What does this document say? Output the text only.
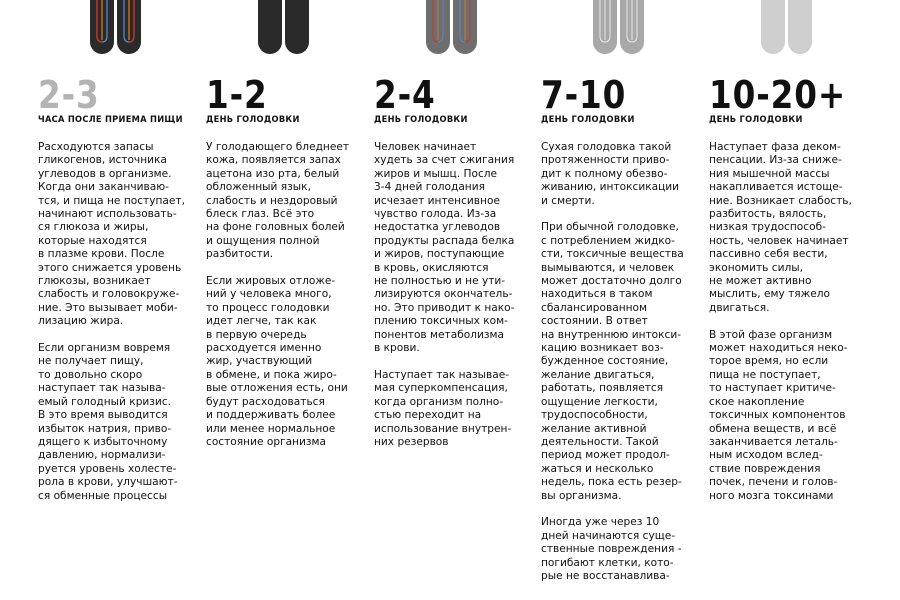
2-3
ЧАСА ПОСЛЕ ПРИЕМА ПИЩИ

Расходуются запасы
гликогенов, источника
углеводов в организме.
Когда они заканчиваю-
тся, и пища не поступает,
начинают использовать-
ся глюкоза и жиры,
которые находятся
в плазме крови. После
этого снижается уровень
глюкозы, возникает
слабость и головокруже-
ние. Это вызывает моби-
лизацию жира.

Если организм вовремя
не получает пищу,
то довольно скоро
наступает так называ-
емый голодный кризис.
В это время выводится
избыток натрия, приво-
дящего к избыточному
давлению, нормализи-
руется уровень холесте-
рола в крови, улучшают-
ся обменные процессы

1-2
ДЕНЬ ГОЛОДОВКИ

У голодающего бледнеет
кожа, появляется запах
ацетона изо рта, белый
обложенный язык,
слабость и нездоровый
блеск глаз. Всё это
на фоне головных болей
и ощущения полной
разбитости.

Если жировых отложе-
ний у человека много,
то процесс голодовки
идет легче, так как
в первую очередь
расходуется именно
жир, участвующий
в обмене, и пока жиро-
вые отложения есть, они
будут расходоваться
и поддерживать более
или менее нормальное
состояние организма

2-4
ДЕНЬ ГОЛОДОВКИ

Человек начинает
худеть за счет сжигания
жиров и мышц. После
3-4 дней голодания
исчезает интенсивное
чувство голода. Из-за
недостатка углеводов
продукты распада белка
и жиров, поступающие
в кровь, окисляются
не полностью и не ути-
лизируются окончатель-
но. Это приводит к нако-
плению токсичных ком-
понентов метаболизма
в крови.

Наступает так называе-
мая суперкомпенсация,
когда организм полно-
стью переходит на
использование внутрен-
них резервов

7-10
ДЕНЬ ГОЛОДОВКИ

Сухая голодовка такой
протяженности приво-
дит к полному обезво-
живанию, интоксикации
и смерти.

При обычной голодовке,
с потреблением жидко-
сти, токсичные вещества
вымываются, и человек
может достаточно долго
находиться в таком
сбалансированном
состоянии. В ответ
на внутреннюю интокси-
кацию возникает воз-
бужденное состояние,
желание двигаться,
работать, появляется
ощущение легкости,
трудоспособности,
желание активной
деятельности. Такой
период может продол-
жаться и несколько
недель, пока есть резер-
вы организма.

Иногда уже через 10
дней начинаются суще-
ственные повреждения -
погибают клетки, кото-
рые не восстанавлива-

10-20+
ДЕНЬ ГОЛОДОВКИ

Наступает фаза деком-
пенсации. Из-за сниже-
ния мышечной массы
накапливается истоще-
ние. Возникает слабость,
разбитость, вялость,
низкая трудоспособ-
ность, человек начинает
пассивно себя вести,
экономить силы,
не может активно
мыслить, ему тяжело
двигаться.

В этой фазе организм
может находиться неко-
торое время, но если
пища не поступает,
то наступает критиче-
ское накопление
токсичных компонентов
обмена веществ, и всё
заканчивается леталь-
ным исходом вслед-
ствие повреждения
почек, печени и голов-
ного мозга токсинами
